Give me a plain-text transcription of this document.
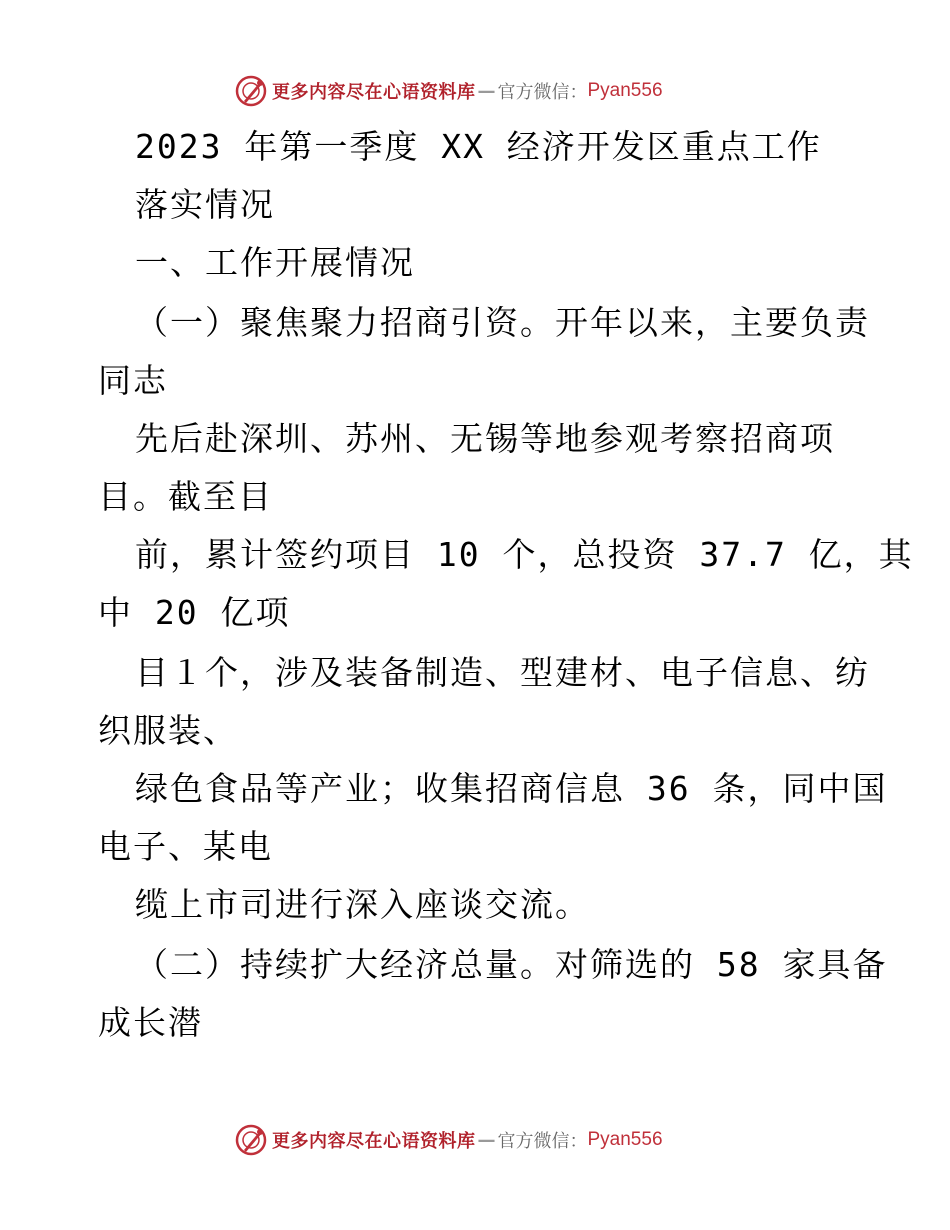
更多内容尽在心语资料库 — 官方微信： Pyan556
2023 年第一季度 XX 经济开发区重点工作
落实情况
一、工作开展情况
（一）聚焦聚力招商引资。开年以来，主要负责
同志
先后赴深圳、苏州、无锡等地参观考察招商项
目。截至目
前，累计签约项目 10 个，总投资 37.7 亿，其
中 20 亿项
目１个，涉及装备制造、型建材、电子信息、纺
织服装、
绿色食品等产业；收集招商信息 36 条，同中国
电子、某电
缆上市司进行深入座谈交流。
（二）持续扩大经济总量。对筛选的 58 家具备
成长潜
更多内容尽在心语资料库 — 官方微信： Pyan556
